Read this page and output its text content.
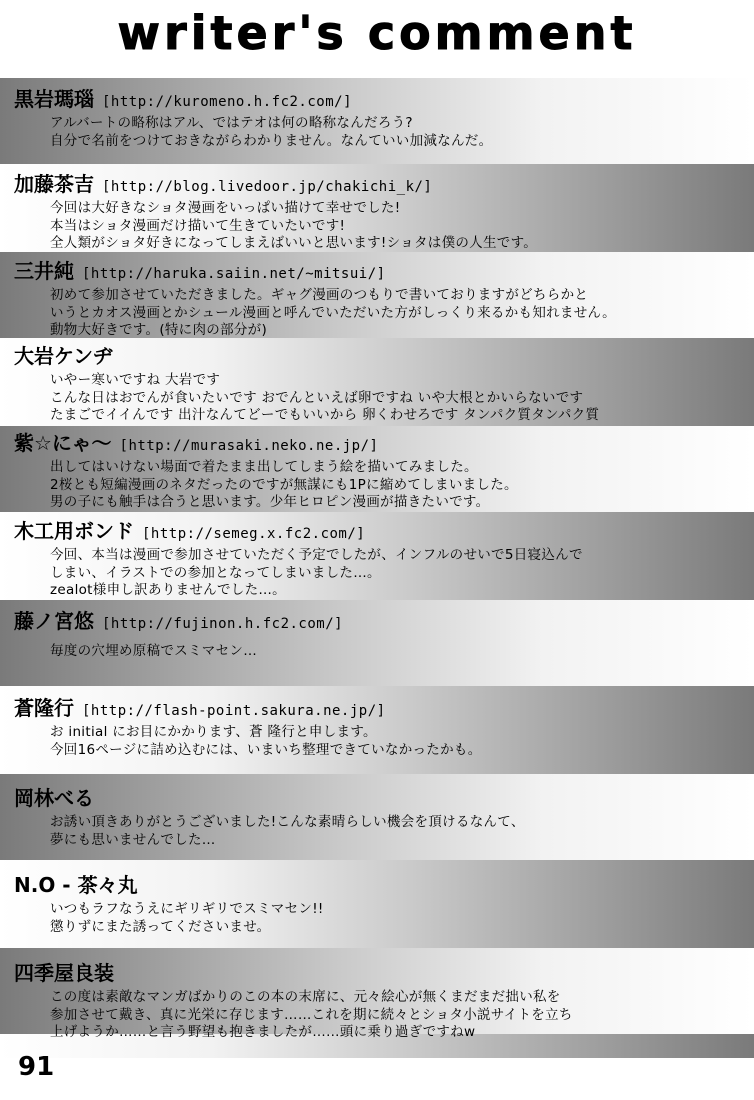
writer's comment
黒岩瑪瑙 [http://kuromeno.h.fc2.com/]
アルバートの略称はアル、ではテオは何の略称なんだろう?
自分で名前をつけておきながらわかりません。なんていい加減なんだ。
加藤茶吉 [http://blog.livedoor.jp/chakichi_k/]
今回は大好きなショタ漫画をいっぱい描けて幸せでした!
本当はショタ漫画だけ描いて生きていたいです!
全人類がショタ好きになってしまえばいいと思います!ショタは僕の人生です。
三井純 [http://haruka.saiin.net/~mitsui/]
初めて参加させていただきました。ギャグ漫画のつもりで書いておりますがどちらかと
いうとカオス漫画とかシュール漫画と呼んでいただいた方がしっくり来るかも知れません。
動物大好きです。(特に肉の部分が)
大岩ケンヂ
いやー寒いですね 大岩です
こんな日はおでんが食いたいです おでんといえば卵ですね いや大根とかいらないです
たまごでイイんです 出汁なんてどーでもいいから 卵くわせろです タンパク質タンパク質
紫☆にゃ～ [http://murasaki.neko.ne.jp/]
出してはいけない場面で着たまま出してしまう絵を描いてみました。
2桜とも短編漫画のネタだったのですが無謀にも1Pに縮めてしまいました。
男の子にも触手は合うと思います。少年ヒロピン漫画が描きたいです。
木工用ボンド [http://semeg.x.fc2.com/]
今回、本当は漫画で参加させていただく予定でしたが、インフルのせいで5日寝込んで
しまい、イラストでの参加となってしまいました…。
zealot様申し訳ありませんでした…。
藤ノ宮悠 [http://fujinon.h.fc2.com/]
毎度の穴埋め原稿でスミマセン…
蒼隆行 [http://flash-point.sakura.ne.jp/]
お initial にお目にかかります、蒼 隆行と申します。
今回16ページに詰め込むには、いまいち整理できていなかったかも。
岡林べる
お誘い頂きありがとうございました!こんな素晴らしい機会を頂けるなんて、
夢にも思いませんでした…
N.O - 茶々丸
いつもラフなうえにギリギリでスミマセン!!
懲りずにまた誘ってくださいませ。
四季屋良装
この度は素敵なマンガばかりのこの本の末席に、元々絵心が無くまだまだ拙い私を
参加させて戴き、真に光栄に存じます……これを期に続々とショタ小説サイトを立ち
上げようか……と言う野望も抱きましたが……頭に乗り過ぎですねw
91
